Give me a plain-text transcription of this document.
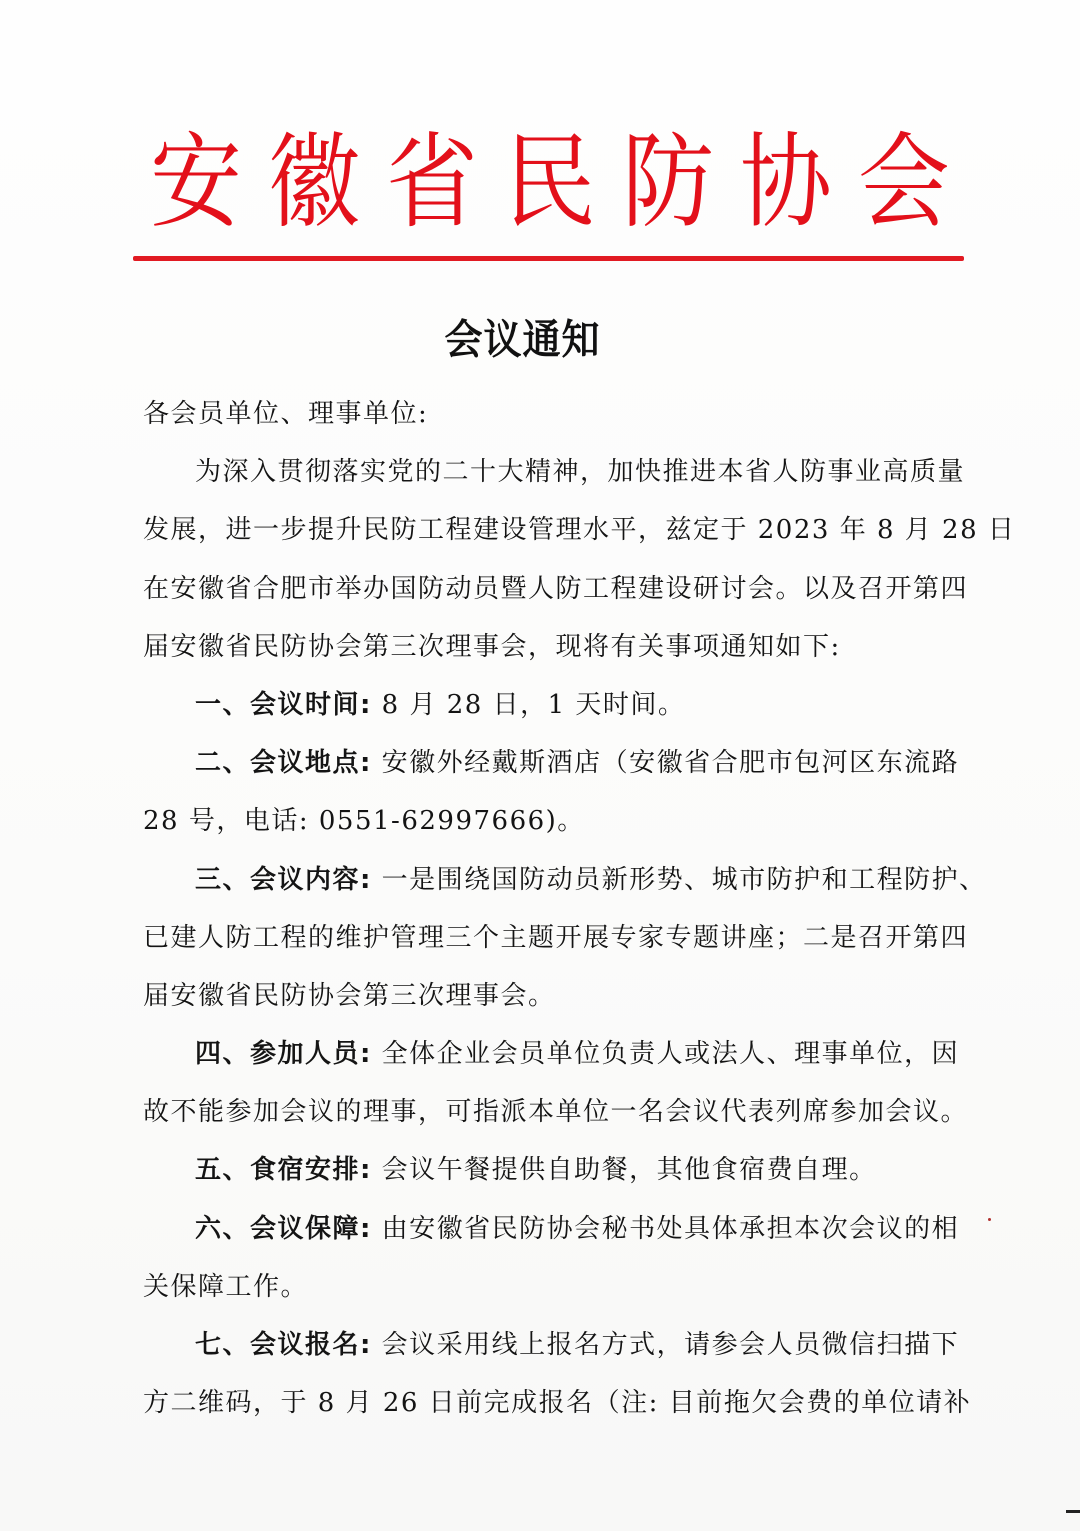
安 徽 省 民 防 协 会
会议通知
各会员单位、理事单位:
为深入贯彻落实党的二十大精神，加快推进本省人防事业高质量
发展，进一步提升民防工程建设管理水平，兹定于 2023 年 8 月 28 日
在安徽省合肥市举办国防动员暨人防工程建设研讨会。以及召开第四
届安徽省民防协会第三次理事会，现将有关事项通知如下:
一、会议时间: 8 月 28 日，1 天时间。
二、会议地点: 安徽外经戴斯酒店（安徽省合肥市包河区东流路
28 号，电话: 0551-62997666)。
三、会议内容: 一是围绕国防动员新形势、城市防护和工程防护、
已建人防工程的维护管理三个主题开展专家专题讲座；二是召开第四
届安徽省民防协会第三次理事会。
四、参加人员: 全体企业会员单位负责人或法人、理事单位，因
故不能参加会议的理事，可指派本单位一名会议代表列席参加会议。
五、食宿安排: 会议午餐提供自助餐，其他食宿费自理。
六、会议保障: 由安徽省民防协会秘书处具体承担本次会议的相
关保障工作。
七、会议报名: 会议采用线上报名方式，请参会人员微信扫描下
方二维码，于 8 月 26 日前完成报名（注: 目前拖欠会费的单位请补
